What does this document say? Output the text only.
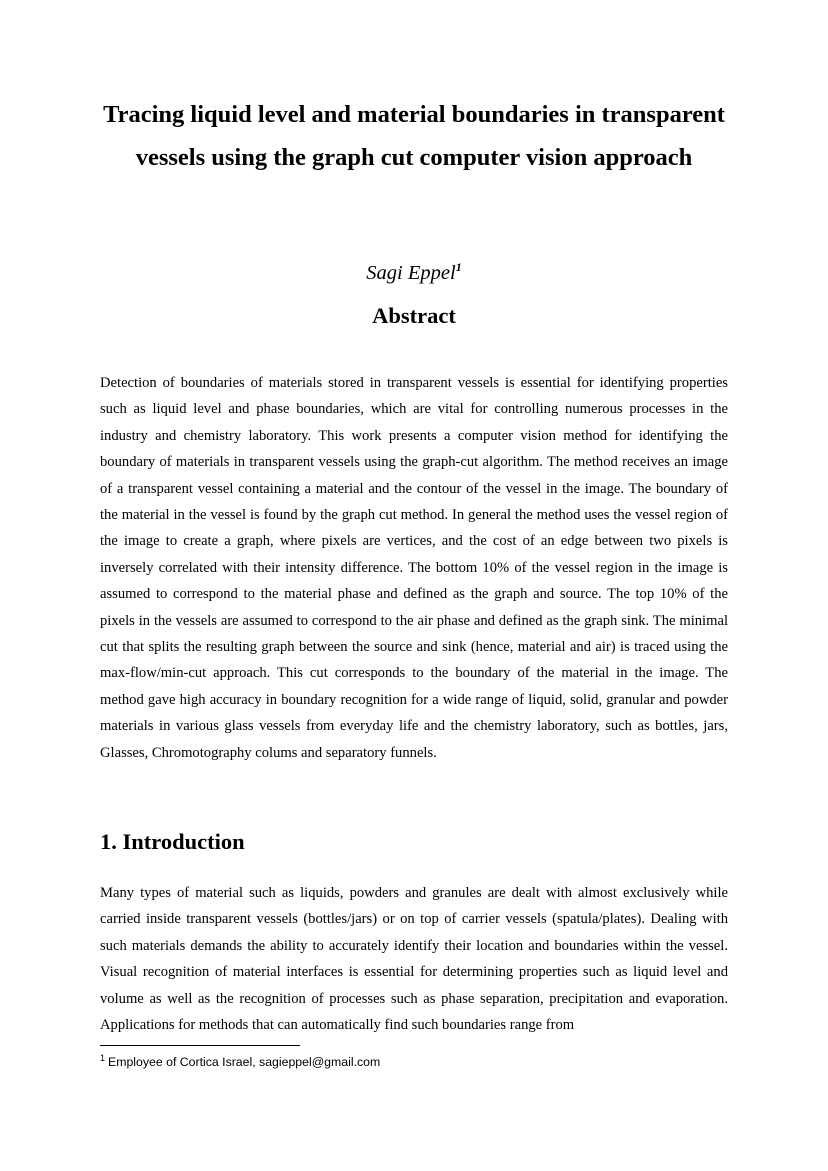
Tracing liquid level and material boundaries in transparent vessels using the graph cut computer vision approach
Sagi Eppel$^1$
Abstract

Detection of boundaries of materials stored in transparent vessels is essential for identifying properties such as liquid level and phase boundaries, which are vital for controlling numerous processes in the industry and chemistry laboratory. This work presents a computer vision method for identifying the boundary of materials in transparent vessels using the graph-cut algorithm. The method receives an image of a transparent vessel containing a material and the contour of the vessel in the image. The boundary of the material in the vessel is found by the graph cut method. In general the method uses the vessel region of the image to create a graph, where pixels are vertices, and the cost of an edge between two pixels is inversely correlated with their intensity difference. The bottom 10% of the vessel region in the image is assumed to correspond to the material phase and defined as the graph and source. The top 10% of the pixels in the vessels are assumed to correspond to the air phase and defined as the graph sink. The minimal cut that splits the resulting graph between the source and sink (hence, material and air) is traced using the max-flow/min-cut approach. This cut corresponds to the boundary of the material in the image. The method gave high accuracy in boundary recognition for a wide range of liquid, solid, granular and powder materials in various glass vessels from everyday life and the chemistry laboratory, such as bottles, jars, Glasses, Chromotography colums and separatory funnels.

1. Introduction

Many types of material such as liquids, powders and granules are dealt with almost exclusively while carried inside transparent vessels (bottles/jars) or on top of carrier vessels (spatula/plates). Dealing with such materials demands the ability to accurately identify their location and boundaries within the vessel. Visual recognition of material interfaces is essential for determining properties such as liquid level and volume as well as the recognition of processes such as phase separation, precipitation and evaporation. Applications for methods that can automatically find such boundaries range from

$^1$ Employee of Cortica Israel, sagieppel@gmail.com
